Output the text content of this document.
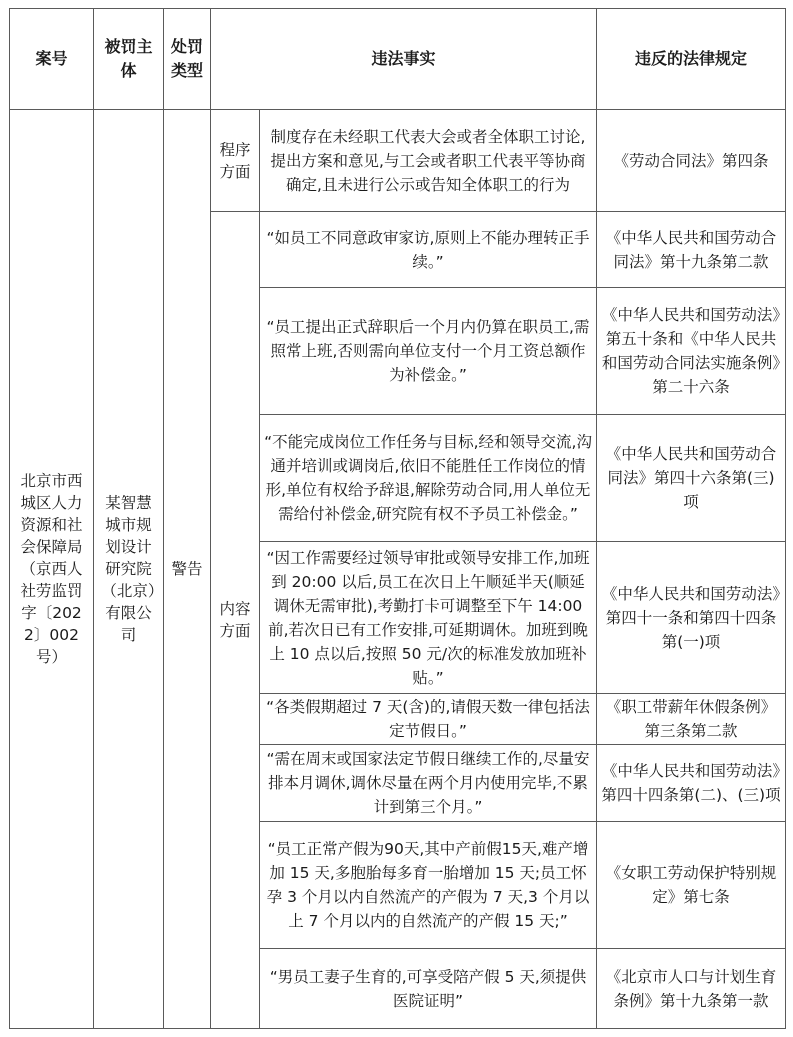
案号	被罚主体	处罚类型	违法事实		违反的法律规定
北京市西城区人力资源和社会保障局（京西人社劳监罚字〔2022〕002号）	某智慧城市规划设计研究院（北京）有限公司	警告	程序方面	制度存在未经职工代表大会或者全体职工讨论,提出方案和意见,与工会或者职工代表平等协商确定,且未进行公示或告知全体职工的行为	《劳动合同法》第四条
			内容方面	“如员工不同意政审家访,原则上不能办理转正手续。”	《中华人民共和国劳动合同法》第十九条第二款
				“员工提出正式辞职后一个月内仍算在职员工,需照常上班,否则需向单位支付一个月工资总额作为补偿金。”	《中华人民共和国劳动法》第五十条和《中华人民共和国劳动合同法实施条例》第二十六条
				“不能完成岗位工作任务与目标,经和领导交流,沟通并培训或调岗后,依旧不能胜任工作岗位的情形,单位有权给予辞退,解除劳动合同,用人单位无需给付补偿金,研究院有权不予员工补偿金。”	《中华人民共和国劳动合同法》第四十六条第(三)项
				“因工作需要经过领导审批或领导安排工作,加班到 20:00 以后,员工在次日上午顺延半天(顺延调休无需审批),考勤打卡可调整至下午 14:00 前,若次日已有工作安排,可延期调休。加班到晚上 10 点以后,按照 50 元/次的标准发放加班补贴。”	《中华人民共和国劳动法》第四十一条和第四十四条第(一)项
				“各类假期超过 7 天(含)的,请假天数一律包括法定节假日。”	《职工带薪年休假条例》第三条第二款
				“需在周末或国家法定节假日继续工作的,尽量安排本月调休,调休尽量在两个月内使用完毕,不累计到第三个月。”	《中华人民共和国劳动法》第四十四条第(二)、(三)项
				“员工正常产假为90天,其中产前假15天,难产增加 15 天,多胞胎每多育一胎增加 15 天;员工怀孕 3 个月以内自然流产的产假为 7 天,3 个月以上 7 个月以内的自然流产的产假 15 天;”	《女职工劳动保护特别规定》第七条
				“男员工妻子生育的,可享受陪产假 5 天,须提供医院证明”	《北京市人口与计划生育条例》第十九条第一款
